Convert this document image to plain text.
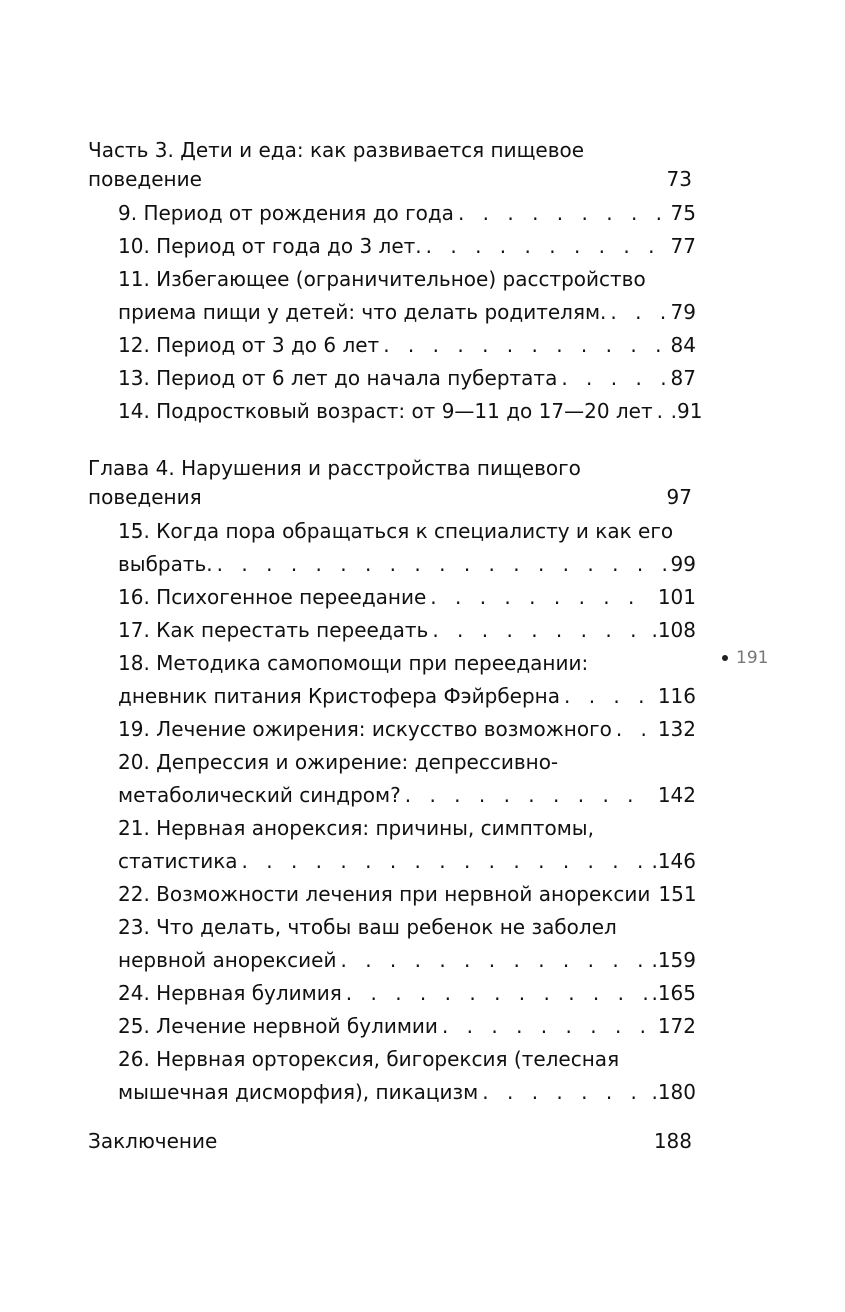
Часть 3. Дети и еда: как развивается пищевое
поведение	73
9. Период от рождения до года . . .	75
10. Период от года до 3 лет. . . .	77
11. Избегающее (ограничительное) расстройство
приема пищи у детей: что делать родителям. . . .	79
12. Период от 3 до 6 лет . . .	84
13. Период от 6 лет до начала пубертата . . .	87
14. Подростковый возраст: от 9—11 до 17—20 лет . . . .91
Глава 4. Нарушения и расстройства пищевого
поведения	97
15. Когда пора обращаться к специалисту и как его
выбрать. . . .	99
16. Психогенное переедание . . .	101
17. Как перестать переедать . . .	.108
18. Методика самопомощи при переедании:
дневник питания Кристофера Фэйрберна . . .	116
19. Лечение ожирения: искусство возможного . . . 132
20. Депрессия и ожирение: депрессивно-
метаболический синдром? . . .	142
21. Нервная анорексия: причины, симптомы,
статистика . . .	.146
22. Возможности лечения при нервной анорексии 151
23. Что делать, чтобы ваш ребенок не заболел
нервной анорексией . . .	.159
24. Нервная булимия . . .	.165
25. Лечение нервной булимии . . .	172
26. Нервная орторексия, бигорексия (телесная
мышечная дисморфия), пикацизм . . .	.180
Заключение	188
191
